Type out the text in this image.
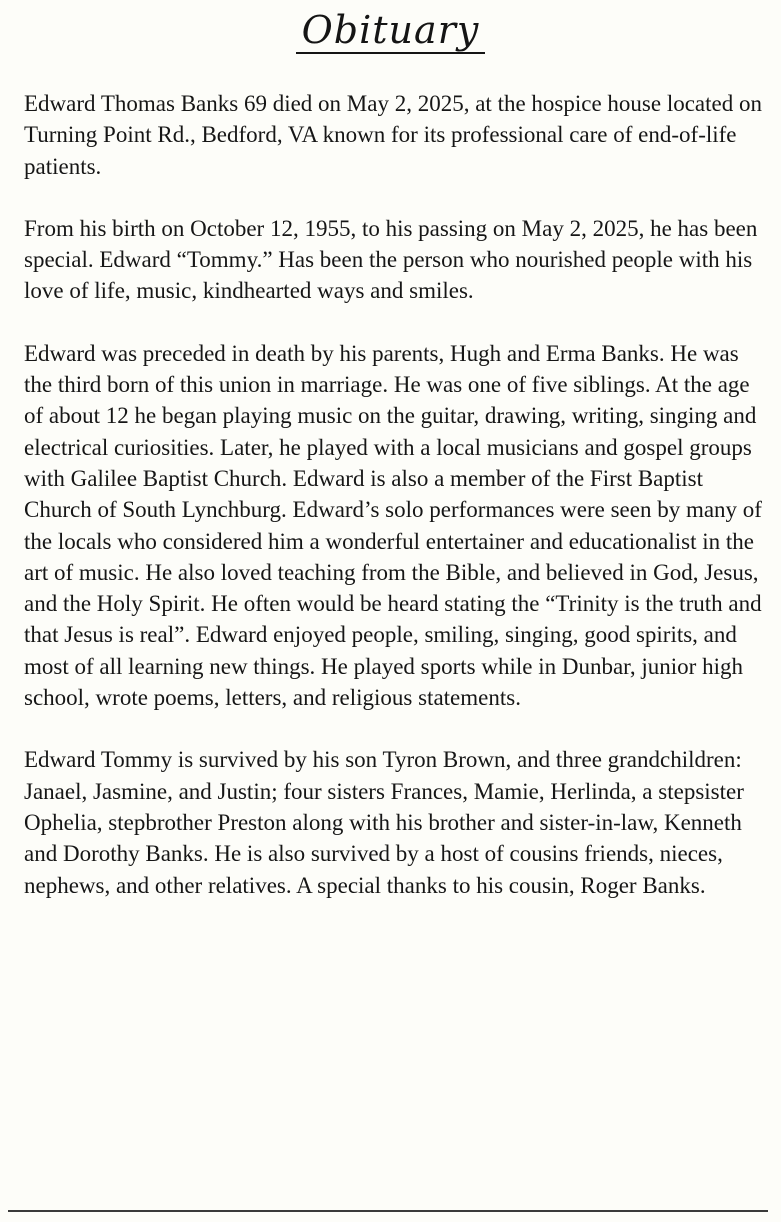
Obituary

Edward Thomas Banks 69 died on May 2, 2025, at the hospice house located on Turning Point Rd., Bedford, VA known for its professional care of end-of-life patients.

From his birth on October 12, 1955, to his passing on May 2, 2025, he has been special. Edward “Tommy.” Has been the person who nourished people with his love of life, music, kindhearted ways and smiles.

Edward was preceded in death by his parents, Hugh and Erma Banks. He was the third born of this union in marriage. He was one of five siblings. At the age of about 12 he began playing music on the guitar, drawing, writing, singing and electrical curiosities. Later, he played with a local musicians and gospel groups with Galilee Baptist Church. Edward is also a member of the First Baptist Church of South Lynchburg. Edward’s solo performances were seen by many of the locals who considered him a wonderful entertainer and educationalist in the art of music. He also loved teaching from the Bible, and believed in God, Jesus, and the Holy Spirit. He often would be heard stating the “Trinity is the truth and that Jesus is real”. Edward enjoyed people, smiling, singing, good spirits, and most of all learning new things. He played sports while in Dunbar, junior high school, wrote poems, letters, and religious statements.

Edward Tommy is survived by his son Tyron Brown, and three grandchildren: Janael, Jasmine, and Justin; four sisters Frances, Mamie, Herlinda, a stepsister Ophelia, stepbrother Preston along with his brother and sister-in-law, Kenneth and Dorothy Banks. He is also survived by a host of cousins friends, nieces, nephews, and other relatives. A special thanks to his cousin, Roger Banks.
